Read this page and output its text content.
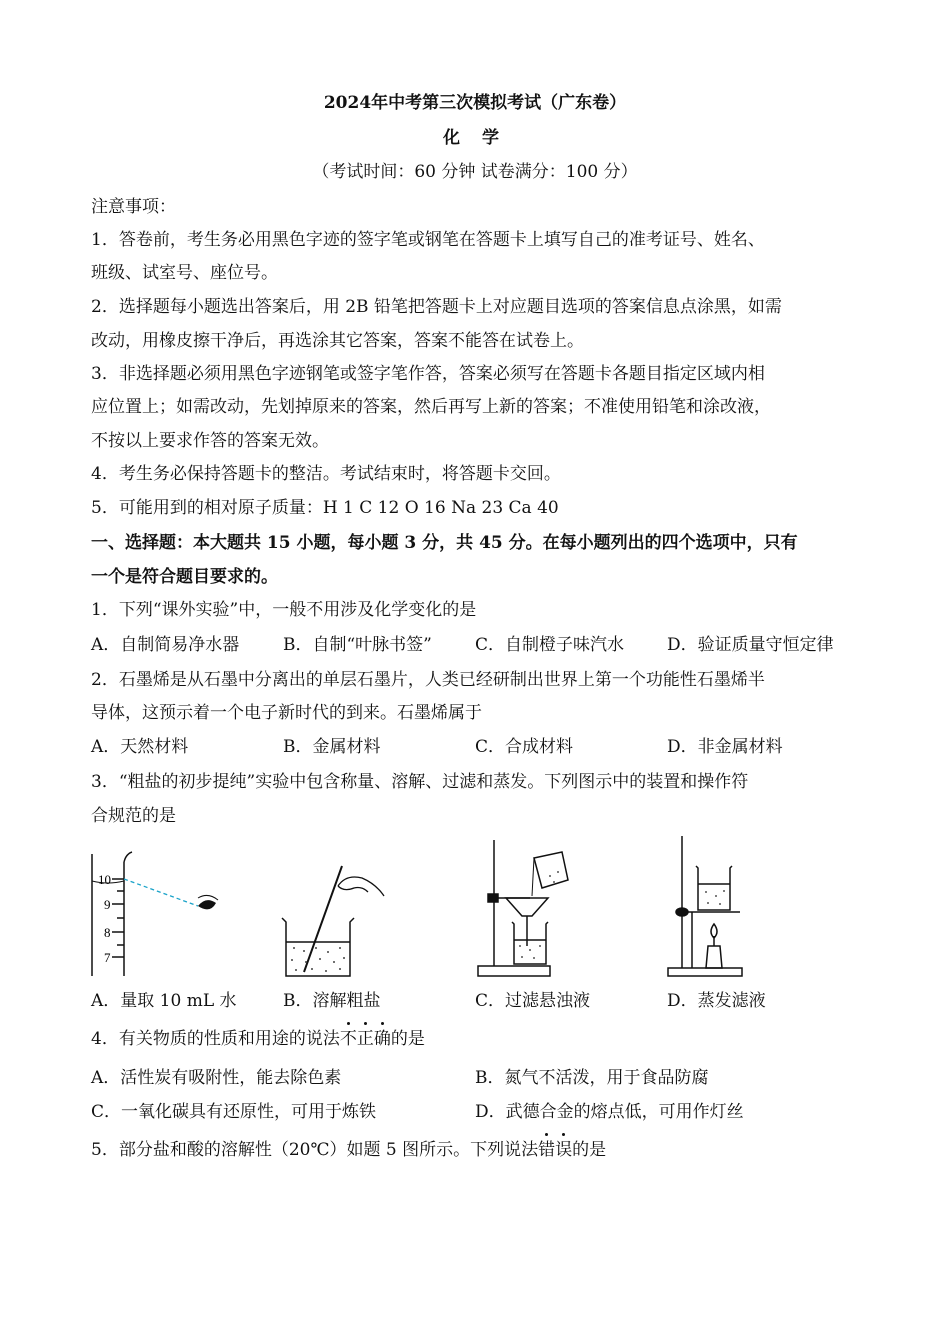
2024年中考第三次模拟考试（广东卷）
化 学
（考试时间：60 分钟 试卷满分：100 分）
注意事项：
1．答卷前，考生务必用黑色字迹的签字笔或钢笔在答题卡上填写自己的准考证号、姓名、
班级、试室号、座位号。
2．选择题每小题选出答案后，用 2B 铅笔把答题卡上对应题目选项的答案信息点涂黑，如需
改动，用橡皮擦干净后，再选涂其它答案，答案不能答在试卷上。
3．非选择题必须用黑色字迹钢笔或签字笔作答，答案必须写在答题卡各题目指定区域内相
应位置上；如需改动，先划掉原来的答案，然后再写上新的答案；不准使用铅笔和涂改液，
不按以上要求作答的答案无效。
4．考生务必保持答题卡的整洁。考试结束时，将答题卡交回。
5．可能用到的相对原子质量：H 1 C 12 O 16 Na 23 Ca 40
一、选择题：本大题共 15 小题，每小题 3 分，共 45 分。在每小题列出的四个选项中，只有
一个是符合题目要求的。
1．下列“课外实验”中，一般不用涉及化学变化的是
A．自制简易净水器	B．自制“叶脉书签”	C．自制橙子味汽水	D．验证质量守恒定律
2．石墨烯是从石墨中分离出的单层石墨片，人类已经研制出世界上第一个功能性石墨烯半
导体，这预示着一个电子新时代的到来。石墨烯属于
A．天然材料	B．金属材料	C．合成材料	D．非金属材料
3．“粗盐的初步提纯”实验中包含称量、溶解、过滤和蒸发。下列图示中的装置和操作符
合规范的是
10
9
8
7
A．量取 10 mL 水	B．溶解粗盐	C．过滤悬浊液	D．蒸发滤液
4．有关物质的性质和用途的说法不正确的是
A．活性炭有吸附性，能去除色素	B．氮气不活泼，用于食品防腐
C．一氧化碳具有还原性，可用于炼铁	D．武德合金的熔点低，可用作灯丝
5．部分盐和酸的溶解性（20℃）如题 5 图所示。下列说法错误的是
